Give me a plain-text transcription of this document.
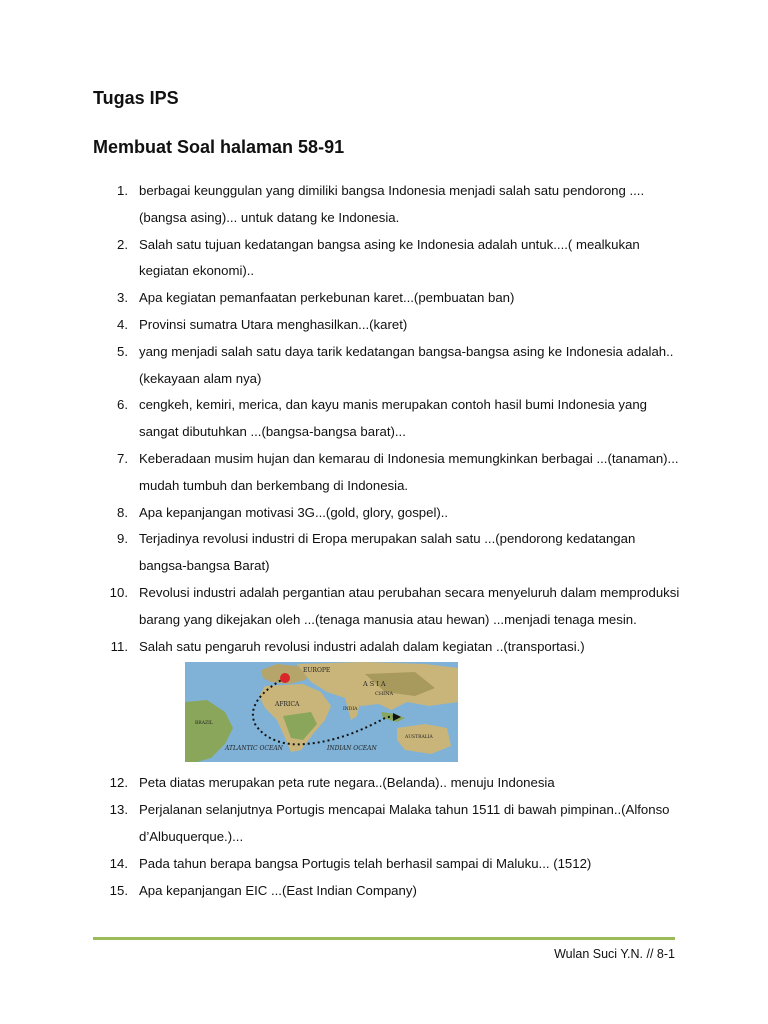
Tugas IPS
Membuat Soal halaman 58-91
1. berbagai keunggulan yang dimiliki bangsa Indonesia menjadi salah satu pendorong ....(bangsa asing)... untuk datang ke Indonesia.
2. Salah satu tujuan kedatangan bangsa asing ke Indonesia adalah untuk....( mealkukan kegiatan ekonomi)..
3. Apa kegiatan pemanfaatan perkebunan karet...(pembuatan ban)
4. Provinsi sumatra Utara menghasilkan...(karet)
5. yang menjadi salah satu daya tarik kedatangan bangsa-bangsa asing ke Indonesia adalah.. (kekayaan alam nya)
6. cengkeh, kemiri, merica, dan kayu manis merupakan contoh hasil bumi Indonesia yang sangat dibutuhkan ...(bangsa-bangsa barat)...
7. Keberadaan musim hujan dan kemarau di Indonesia memungkinkan berbagai ...(tanaman)... mudah tumbuh dan berkembang di Indonesia.
8. Apa kepanjangan motivasi 3G...(gold, glory, gospel)..
9. Terjadinya revolusi industri di Eropa merupakan salah satu ...(pendorong kedatangan bangsa-bangsa Barat)
10. Revolusi industri adalah pergantian atau perubahan secara menyeluruh dalam memproduksi barang yang dikejakan oleh ...(tenaga manusia atau hewan) ...menjadi tenaga mesin.
11. Salah satu pengaruh revolusi industri adalah dalam kegiatan ..(transportasi.)
EUROPE
A S I A
CHINA
AFRICA
INDIA
BRAZIL
ATLANTIC OCEAN	INDIAN OCEAN
AUSTRALIA
12. Peta diatas merupakan peta rute negara..(Belanda).. menuju Indonesia
13. Perjalanan selanjutnya Portugis mencapai Malaka tahun 1511 di bawah pimpinan..(Alfonso d’Albuquerque.)...
14. Pada tahun berapa bangsa Portugis telah berhasil sampai di Maluku... (1512)
15. Apa kepanjangan EIC ...(East Indian Company)
Wulan Suci Y.N. // 8-1
